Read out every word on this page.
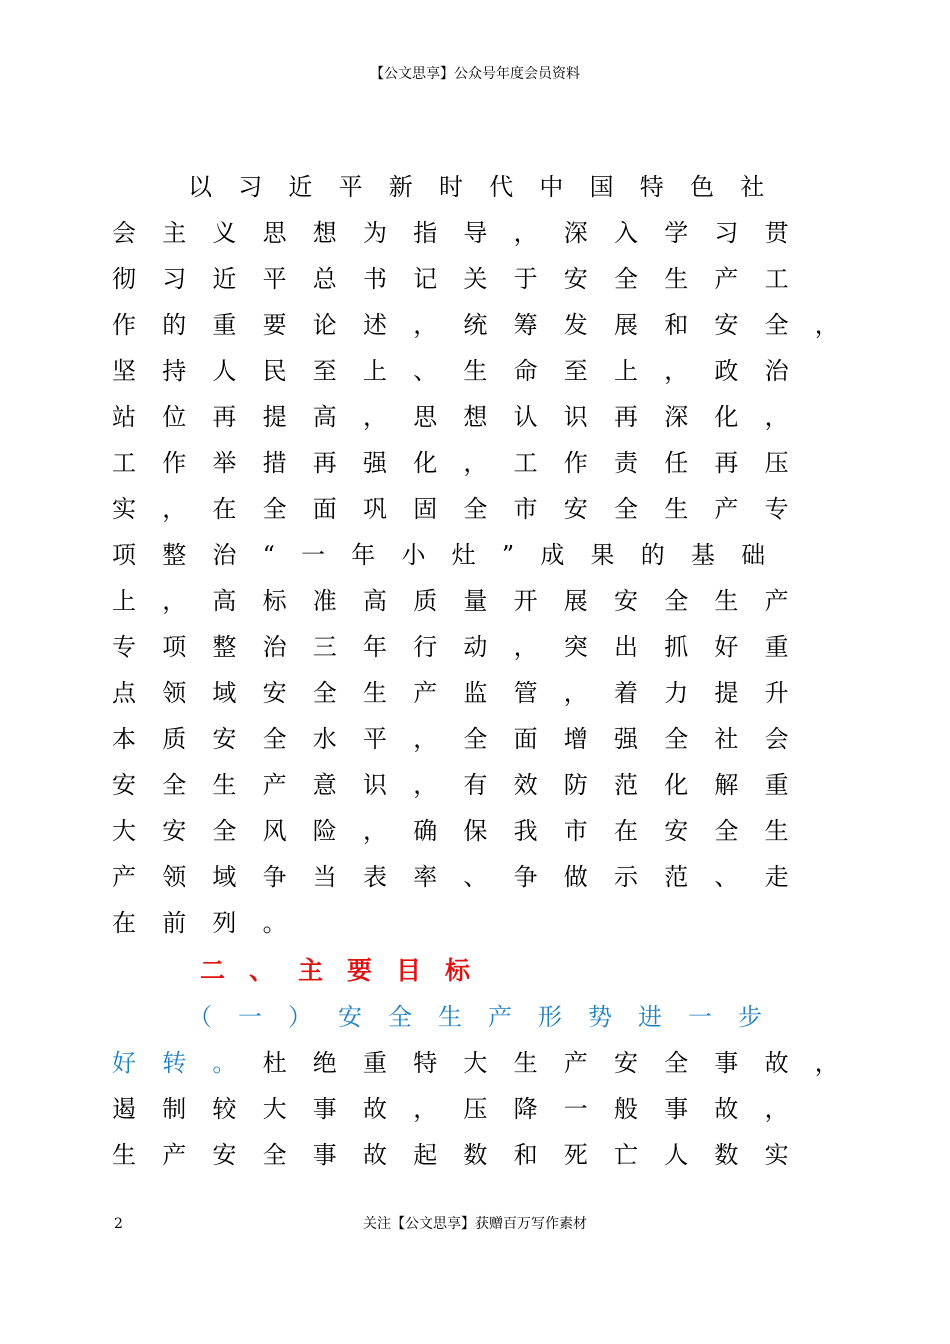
【公文思享】公众号年度会员资料
以习近平新时代中国特色社
会主义思想为指导，深入学习贯
彻习近平总书记关于安全生产工
作的重要论述，统筹发展和安全，
坚持人民至上、生命至上，政治
站位再提高，思想认识再深化，
工作举措再强化，工作责任再压
实，在全面巩固全市安全生产专
项整治“一年小灶”成果的基础
上，高标准高质量开展安全生产
专项整治三年行动，突出抓好重
点领域安全生产监管，着力提升
本质安全水平，全面增强全社会
安全生产意识，有效防范化解重
大安全风险，确保我市在安全生
产领域争当表率、争做示范、走
在前列。
二、主要目标
（一）安全生产形势进一步
好转。杜绝重特大生产安全事故，
遏制较大事故，压降一般事故，
生产安全事故起数和死亡人数实
2	关注【公文思享】获赠百万写作素材
